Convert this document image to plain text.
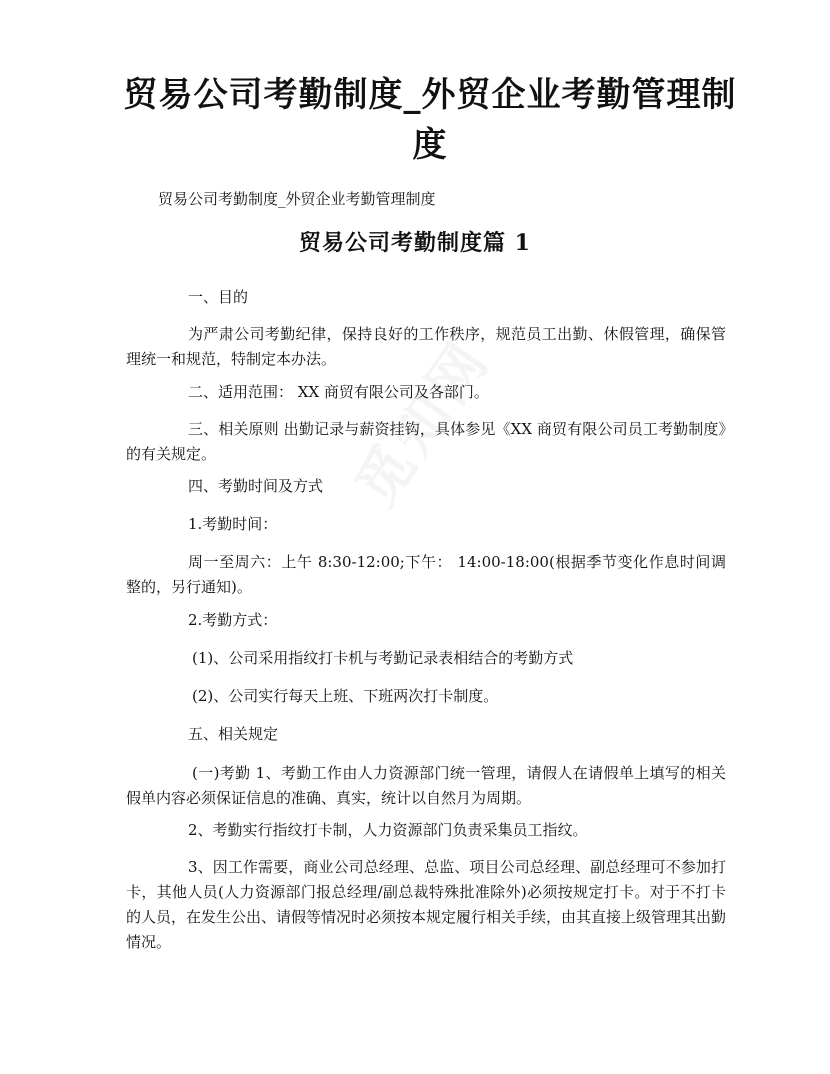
贸易公司考勤制度_外贸企业考勤管理制度
贸易公司考勤制度_外贸企业考勤管理制度
贸易公司考勤制度篇 1
一、目的
为严肃公司考勤纪律，保持良好的工作秩序，规范员工出勤、休假管理，确保管理统一和规范，特制定本办法。
二、适用范围： XX 商贸有限公司及各部门。
三、相关原则 出勤记录与薪资挂钩，具体参见《XX 商贸有限公司员工考勤制度》的有关规定。
四、考勤时间及方式
1.考勤时间：
周一至周六：上午 8:30-12:00;下午： 14:00-18:00(根据季节变化作息时间调整的，另行通知)。
2.考勤方式：
(1)、公司采用指纹打卡机与考勤记录表相结合的考勤方式
(2)、公司实行每天上班、下班两次打卡制度。
五、相关规定
(一)考勤 1、考勤工作由人力资源部门统一管理，请假人在请假单上填写的相关假单内容必须保证信息的准确、真实，统计以自然月为周期。
2、考勤实行指纹打卡制，人力资源部门负责采集员工指纹。
3、因工作需要，商业公司总经理、总监、项目公司总经理、副总经理可不参加打卡，其他人员(人力资源部门报总经理/副总裁特殊批准除外)必须按规定打卡。对于不打卡的人员，在发生公出、请假等情况时必须按本规定履行相关手续，由其直接上级管理其出勤情况。
